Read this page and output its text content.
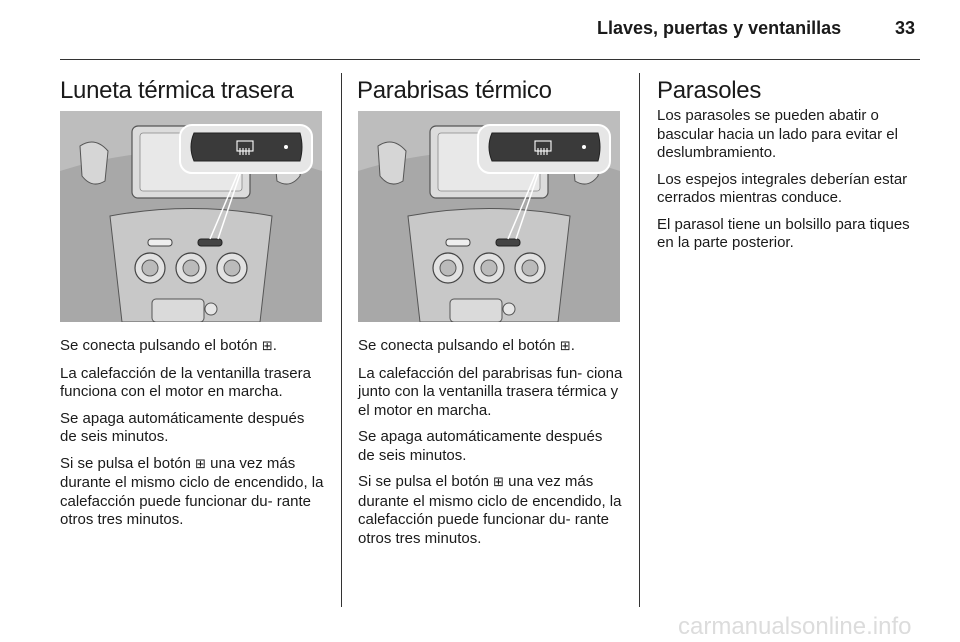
Llaves, puertas y ventanillas	33
Luneta térmica trasera

Se conecta pulsando el botón ⊞.

La calefacción de la ventanilla trasera funciona con el motor en marcha.

Se apaga automáticamente después de seis minutos.

Si se pulsa el botón ⊞ una vez más durante el mismo ciclo de encendido, la calefacción puede funcionar du- rante otros tres minutos.

Parabrisas térmico

Se conecta pulsando el botón ⊞.

La calefacción del parabrisas fun- ciona junto con la ventanilla trasera térmica y el motor en marcha.

Se apaga automáticamente después de seis minutos.

Si se pulsa el botón ⊞ una vez más durante el mismo ciclo de encendido, la calefacción puede funcionar du- rante otros tres minutos.

Parasoles

Los parasoles se pueden abatir o bascular hacia un lado para evitar el deslumbramiento.

Los espejos integrales deberían estar cerrados mientras conduce.

El parasol tiene un bolsillo para tiques en la parte posterior.

carmanualsonline.info
